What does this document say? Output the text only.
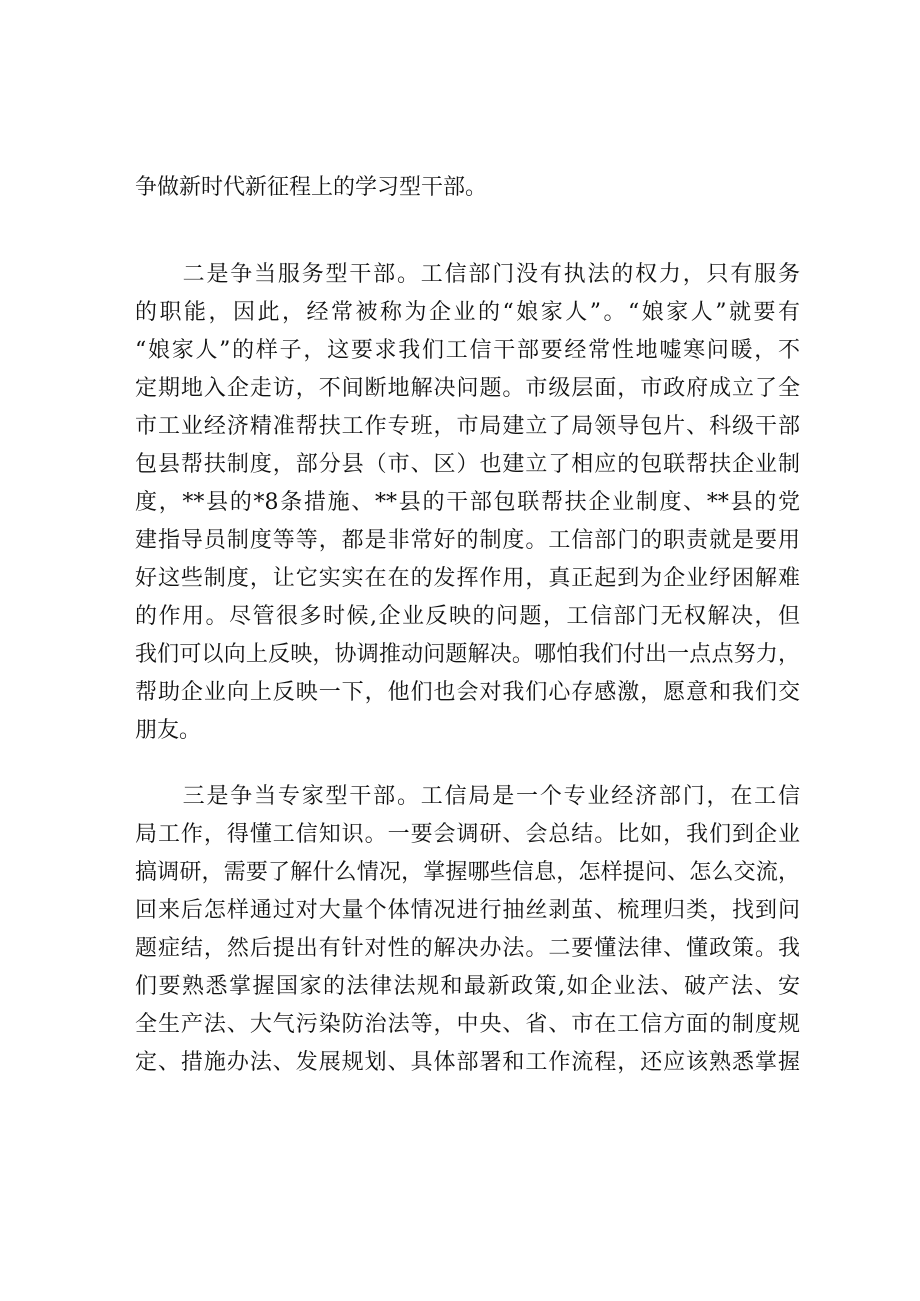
争做新时代新征程上的学习型干部。
　　二是争当服务型干部。工信部门没有执法的权力，只有服务
的职能，因此，经常被称为企业的“娘家人”。“娘家人”就要有
“娘家人”的样子，这要求我们工信干部要经常性地嘘寒问暖，不
定期地入企走访，不间断地解决问题。市级层面，市政府成立了全
市工业经济精准帮扶工作专班，市局建立了局领导包片、科级干部
包县帮扶制度，部分县（市、区）也建立了相应的包联帮扶企业制
度，**县的*8条措施、**县的干部包联帮扶企业制度、**县的党
建指导员制度等等，都是非常好的制度。工信部门的职责就是要用
好这些制度，让它实实在在的发挥作用，真正起到为企业纾困解难
的作用。尽管很多时候,企业反映的问题，工信部门无权解决，但
我们可以向上反映，协调推动问题解决。哪怕我们付出一点点努力，
帮助企业向上反映一下，他们也会对我们心存感激，愿意和我们交
朋友。
　　三是争当专家型干部。工信局是一个专业经济部门，在工信
局工作，得懂工信知识。一要会调研、会总结。比如，我们到企业
搞调研，需要了解什么情况，掌握哪些信息，怎样提问、怎么交流，
回来后怎样通过对大量个体情况进行抽丝剥茧、梳理归类，找到问
题症结，然后提出有针对性的解决办法。二要懂法律、懂政策。我
们要熟悉掌握国家的法律法规和最新政策,如企业法、破产法、安
全生产法、大气污染防治法等，中央、省、市在工信方面的制度规
定、措施办法、发展规划、具体部署和工作流程，还应该熟悉掌握
